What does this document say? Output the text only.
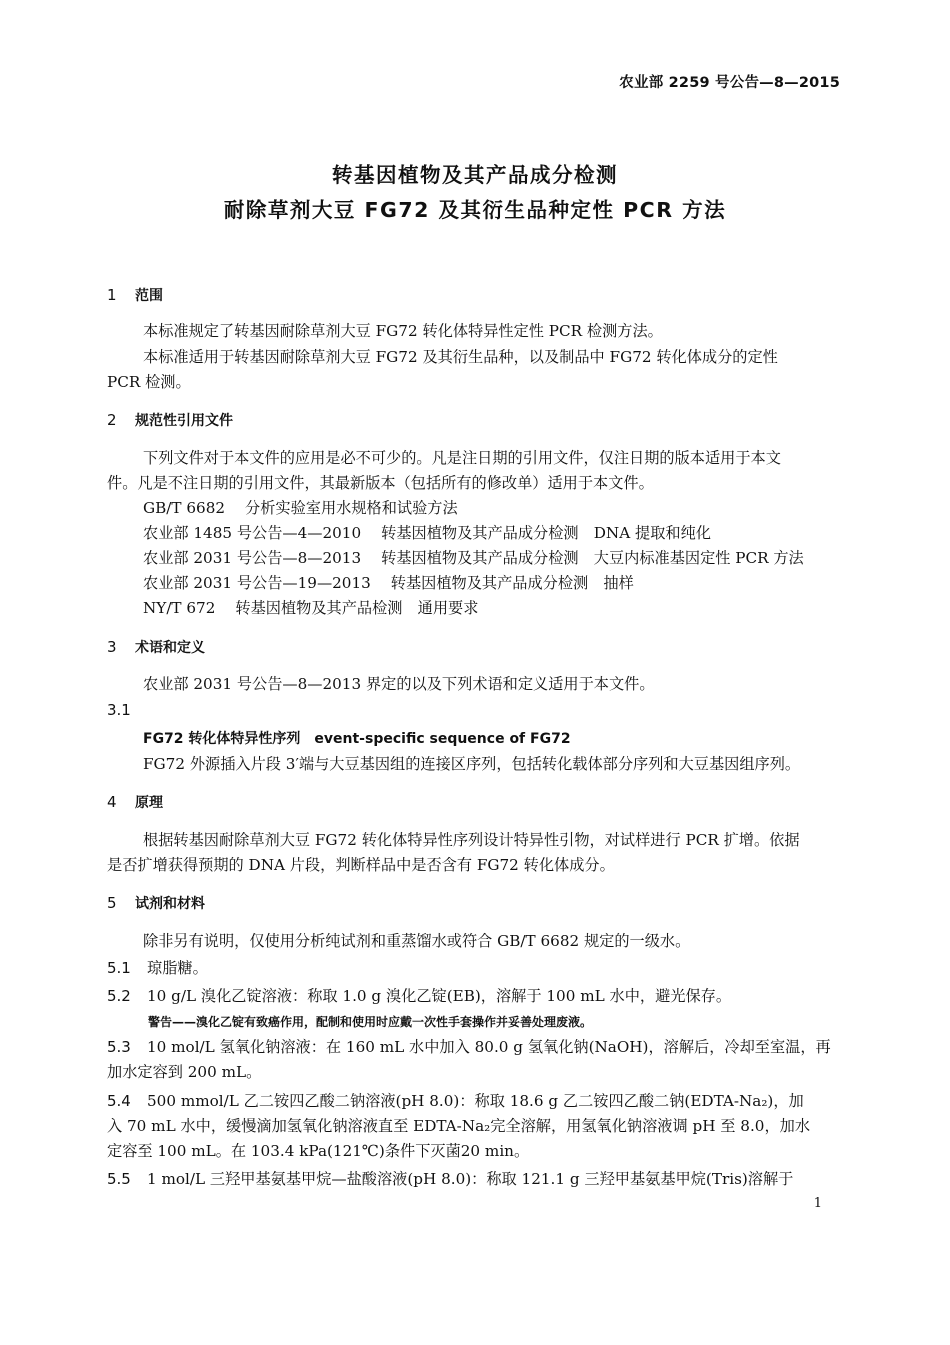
农业部 2259 号公告—8—2015
转基因植物及其产品成分检测
耐除草剂大豆 FG72 及其衍生品种定性 PCR 方法
1 范围
本标准规定了转基因耐除草剂大豆 FG72 转化体特异性定性 PCR 检测方法。
本标准适用于转基因耐除草剂大豆 FG72 及其衍生品种，以及制品中 FG72 转化体成分的定性
PCR 检测。
2 规范性引用文件
下列文件对于本文件的应用是必不可少的。凡是注日期的引用文件，仅注日期的版本适用于本文
件。凡是不注日期的引用文件，其最新版本（包括所有的修改单）适用于本文件。
GB/T 6682 分析实验室用水规格和试验方法
农业部 1485 号公告—4—2010 转基因植物及其产品成分检测　DNA 提取和纯化
农业部 2031 号公告—8—2013 转基因植物及其产品成分检测　大豆内标准基因定性 PCR 方法
农业部 2031 号公告—19—2013 转基因植物及其产品成分检测　抽样
NY/T 672 转基因植物及其产品检测　通用要求
3 术语和定义
农业部 2031 号公告—8—2013 界定的以及下列术语和定义适用于本文件。
3.1
FG72 转化体特异性序列　event-specific sequence of FG72
FG72 外源插入片段 3′端与大豆基因组的连接区序列，包括转化载体部分序列和大豆基因组序列。
4 原理
根据转基因耐除草剂大豆 FG72 转化体特异性序列设计特异性引物，对试样进行 PCR 扩增。依据
是否扩增获得预期的 DNA 片段，判断样品中是否含有 FG72 转化体成分。
5 试剂和材料
除非另有说明，仅使用分析纯试剂和重蒸馏水或符合 GB/T 6682 规定的一级水。
5.1 琼脂糖。
5.2 10 g/L 溴化乙锭溶液：称取 1.0 g 溴化乙锭(EB)，溶解于 100 mL 水中，避光保存。
警告——溴化乙锭有致癌作用，配制和使用时应戴一次性手套操作并妥善处理废液。
5.3 10 mol/L 氢氧化钠溶液：在 160 mL 水中加入 80.0 g 氢氧化钠(NaOH)，溶解后，冷却至室温，再
加水定容到 200 mL。
5.4 500 mmol/L 乙二铵四乙酸二钠溶液(pH 8.0)：称取 18.6 g 乙二铵四乙酸二钠(EDTA-Na₂)，加
入 70 mL 水中，缓慢滴加氢氧化钠溶液直至 EDTA-Na₂完全溶解，用氢氧化钠溶液调 pH 至 8.0，加水
定容至 100 mL。在 103.4 kPa(121℃)条件下灭菌20 min。
5.5 1 mol/L 三羟甲基氨基甲烷—盐酸溶液(pH 8.0)：称取 121.1 g 三羟甲基氨基甲烷(Tris)溶解于
1
